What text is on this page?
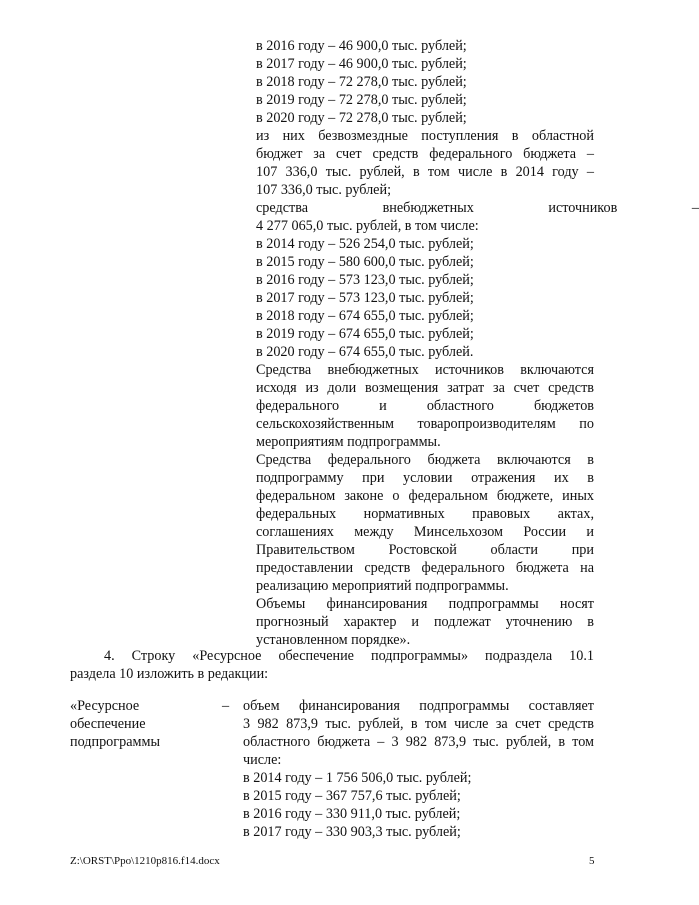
в 2016 году – 46 900,0 тыс. рублей;
в 2017 году – 46 900,0 тыс. рублей;
в 2018 году – 72 278,0 тыс. рублей;
в 2019 году – 72 278,0 тыс. рублей;
в 2020 году – 72 278,0 тыс. рублей;
из них безвозмездные поступления в областной
бюджет за счет средств федерального бюджета –
107 336,0 тыс. рублей, в том числе в 2014 году –
107 336,0 тыс. рублей;
средства внебюджетных источников –
4 277 065,0 тыс. рублей, в том числе:
в 2014 году – 526 254,0 тыс. рублей;
в 2015 году – 580 600,0 тыс. рублей;
в 2016 году – 573 123,0 тыс. рублей;
в 2017 году – 573 123,0 тыс. рублей;
в 2018 году – 674 655,0 тыс. рублей;
в 2019 году – 674 655,0 тыс. рублей;
в 2020 году – 674 655,0 тыс. рублей.
Средства внебюджетных источников включаются
исходя из доли возмещения затрат за счет средств
федерального и областного бюджетов
сельскохозяйственным товаропроизводителям по
мероприятиям подпрограммы.
Средства федерального бюджета включаются в
подпрограмму при условии отражения их в
федеральном законе о федеральном бюджете, иных
федеральных нормативных правовых актах,
соглашениях между Минсельхозом России и
Правительством Ростовской области при
предоставлении средств федерального бюджета на
реализацию мероприятий подпрограммы.
Объемы финансирования подпрограммы носят
прогнозный характер и подлежат уточнению в
установленном порядке».
4. Строку «Ресурсное обеспечение подпрограммы» подраздела 10.1
раздела 10 изложить в редакции:
«Ресурсное
обеспечение
подпрограммы
– объем финансирования подпрограммы составляет
3 982 873,9 тыс. рублей, в том числе за счет средств
областного бюджета – 3 982 873,9 тыс. рублей, в том
числе:
в 2014 году – 1 756 506,0 тыс. рублей;
в 2015 году – 367 757,6 тыс. рублей;
в 2016 году – 330 911,0 тыс. рублей;
в 2017 году – 330 903,3 тыс. рублей;
Z:\ORST\Ppo\1210p816.f14.docx	5
